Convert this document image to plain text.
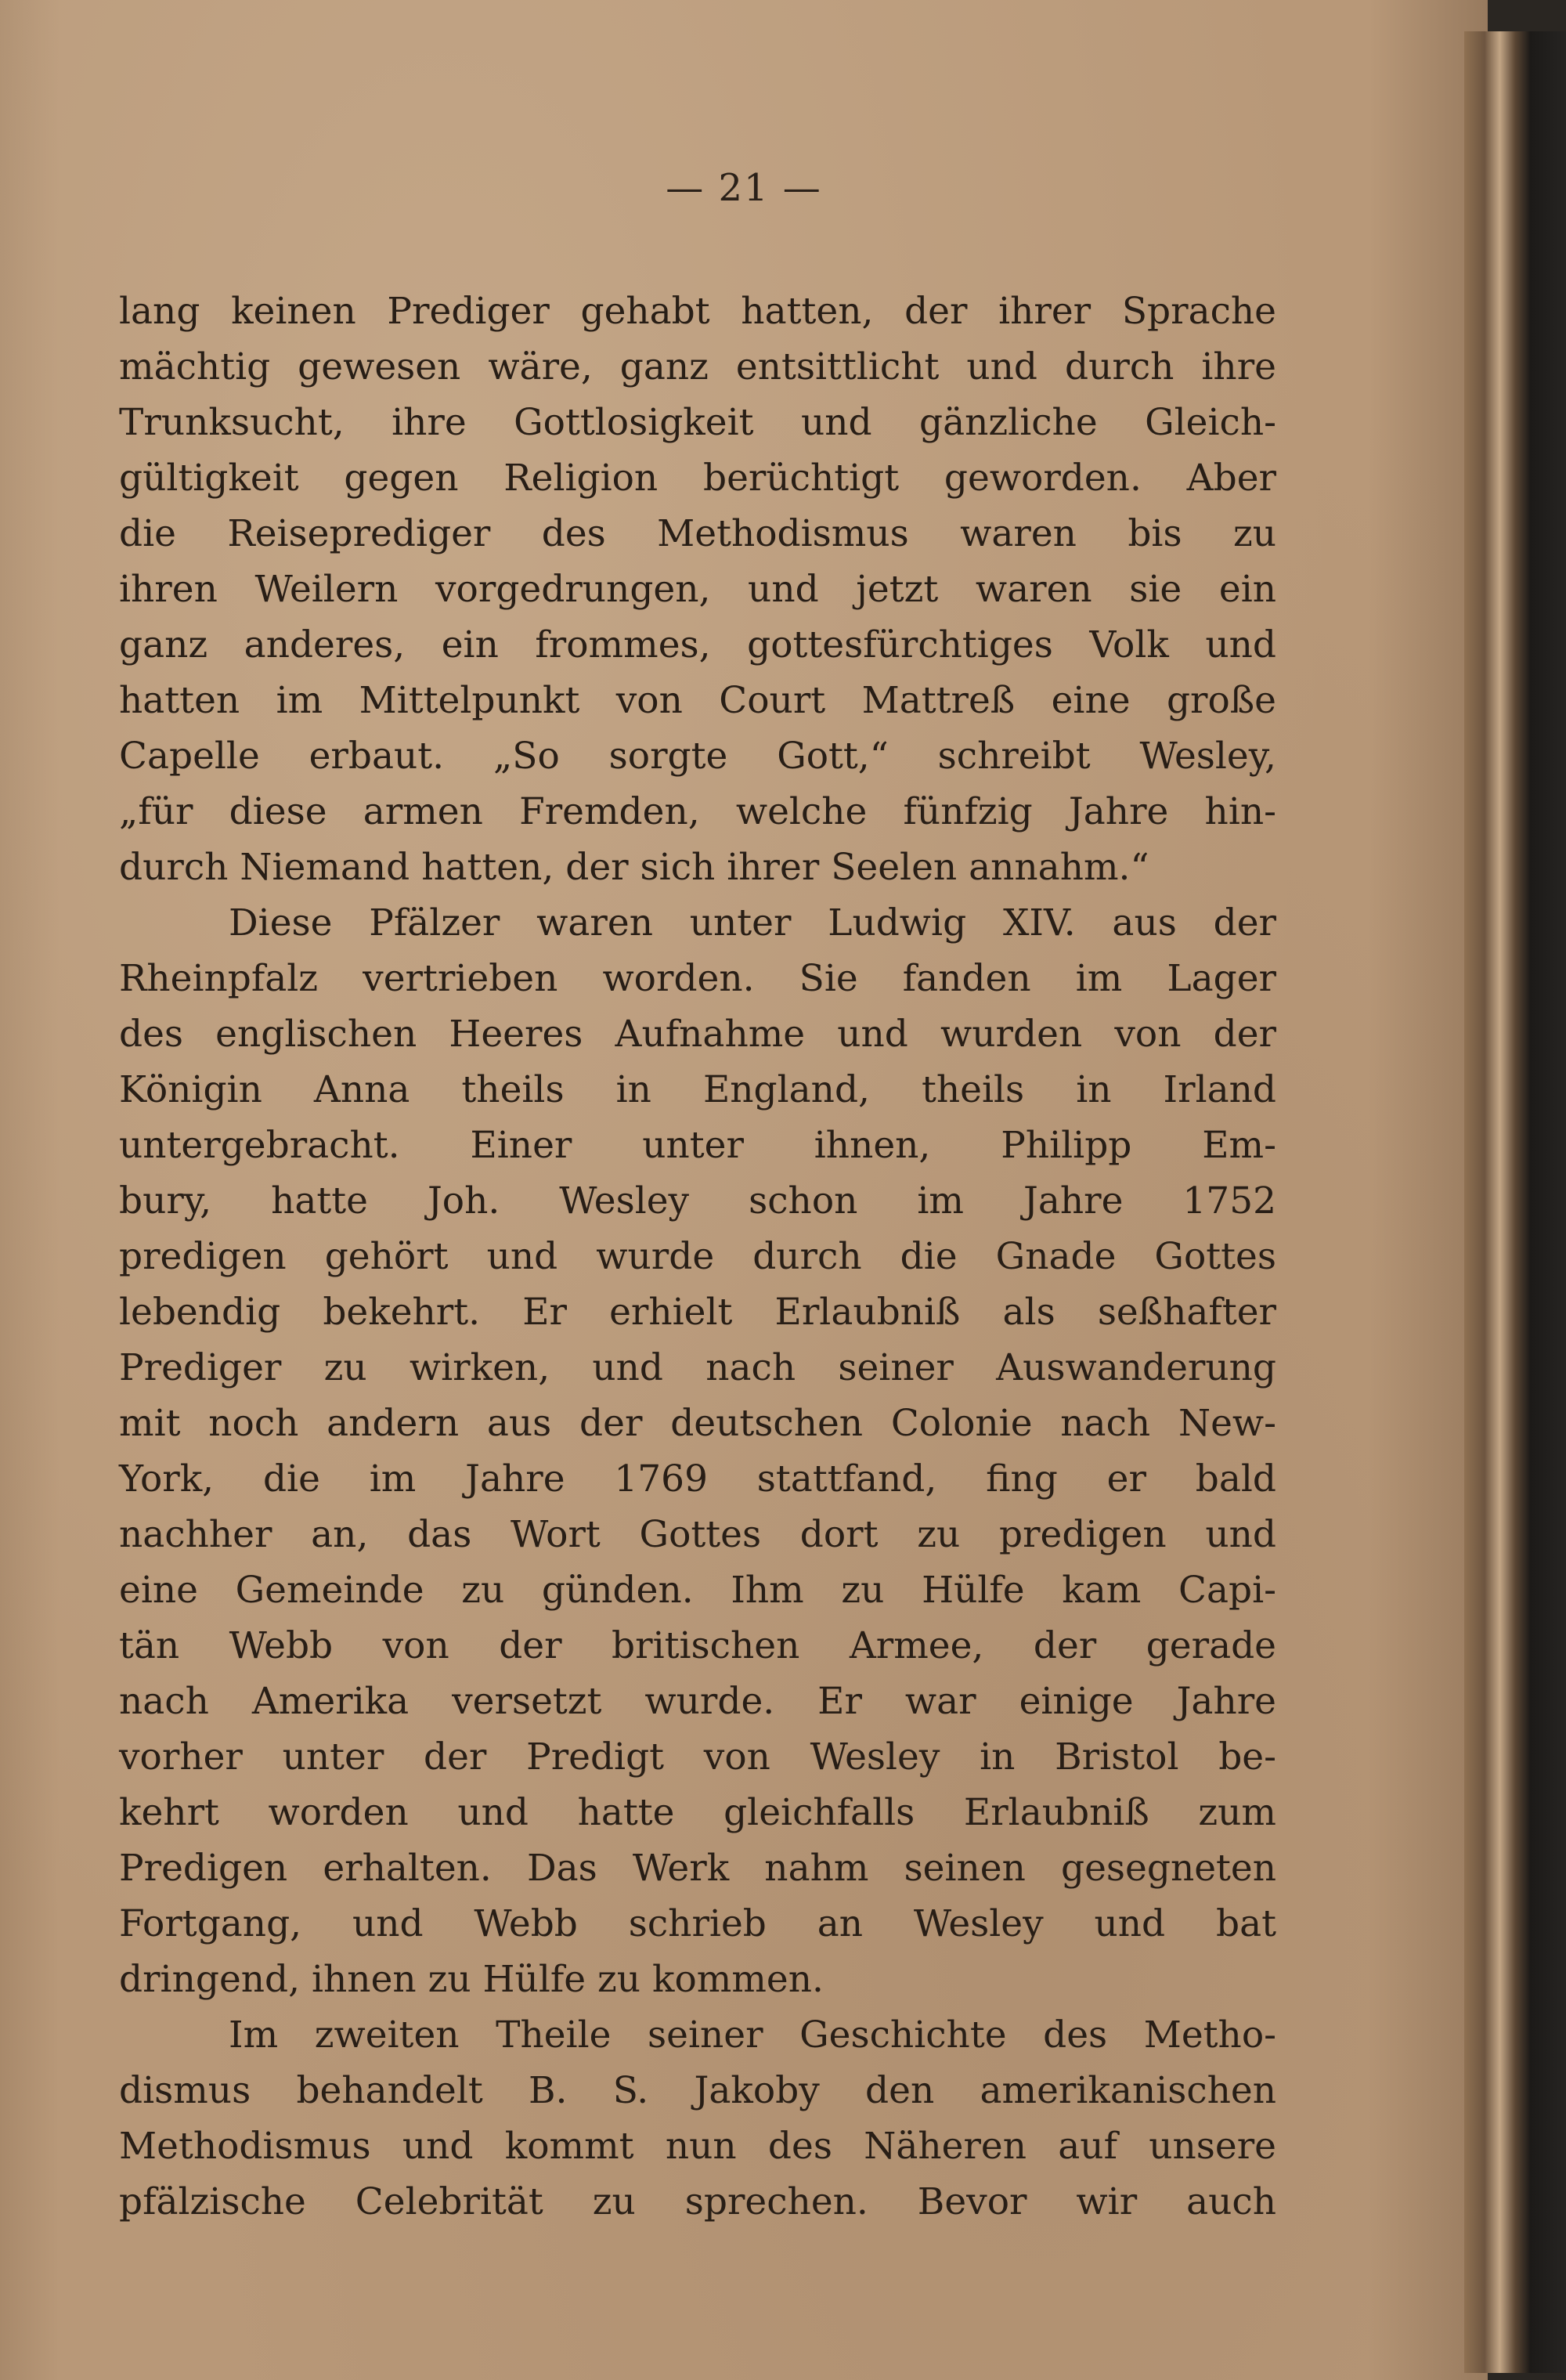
— 21 —
lang keinen Prediger gehabt hatten, der ihrer Sprache
mächtig gewesen wäre, ganz entsittlicht und durch ihre
Trunksucht, ihre Gottlosigkeit und gänzliche Gleich-
gültigkeit gegen Religion berüchtigt geworden. Aber
die Reiseprediger des Methodismus waren bis zu
ihren Weilern vorgedrungen, und jetzt waren sie ein
ganz anderes, ein frommes, gottesfürchtiges Volk und
hatten im Mittelpunkt von Court Mattreß eine große
Capelle erbaut. „So sorgte Gott,“ schreibt Wesley,
„für diese armen Fremden, welche fünfzig Jahre hin-
durch Niemand hatten, der sich ihrer Seelen annahm.“
Diese Pfälzer waren unter Ludwig XIV. aus der
Rheinpfalz vertrieben worden. Sie fanden im Lager
des englischen Heeres Aufnahme und wurden von der
Königin Anna theils in England, theils in Irland
untergebracht. Einer unter ihnen, Philipp Em-
bury, hatte Joh. Wesley schon im Jahre 1752
predigen gehört und wurde durch die Gnade Gottes
lebendig bekehrt. Er erhielt Erlaubniß als seßhafter
Prediger zu wirken, und nach seiner Auswanderung
mit noch andern aus der deutschen Colonie nach New-
York, die im Jahre 1769 stattfand, fing er bald
nachher an, das Wort Gottes dort zu predigen und
eine Gemeinde zu günden. Ihm zu Hülfe kam Capi-
tän Webb von der britischen Armee, der gerade
nach Amerika versetzt wurde. Er war einige Jahre
vorher unter der Predigt von Wesley in Bristol be-
kehrt worden und hatte gleichfalls Erlaubniß zum
Predigen erhalten. Das Werk nahm seinen gesegneten
Fortgang, und Webb schrieb an Wesley und bat
dringend, ihnen zu Hülfe zu kommen.
Im zweiten Theile seiner Geschichte des Metho-
dismus behandelt B. S. Jakoby den amerikanischen
Methodismus und kommt nun des Näheren auf unsere
pfälzische Celebrität zu sprechen. Bevor wir auch
